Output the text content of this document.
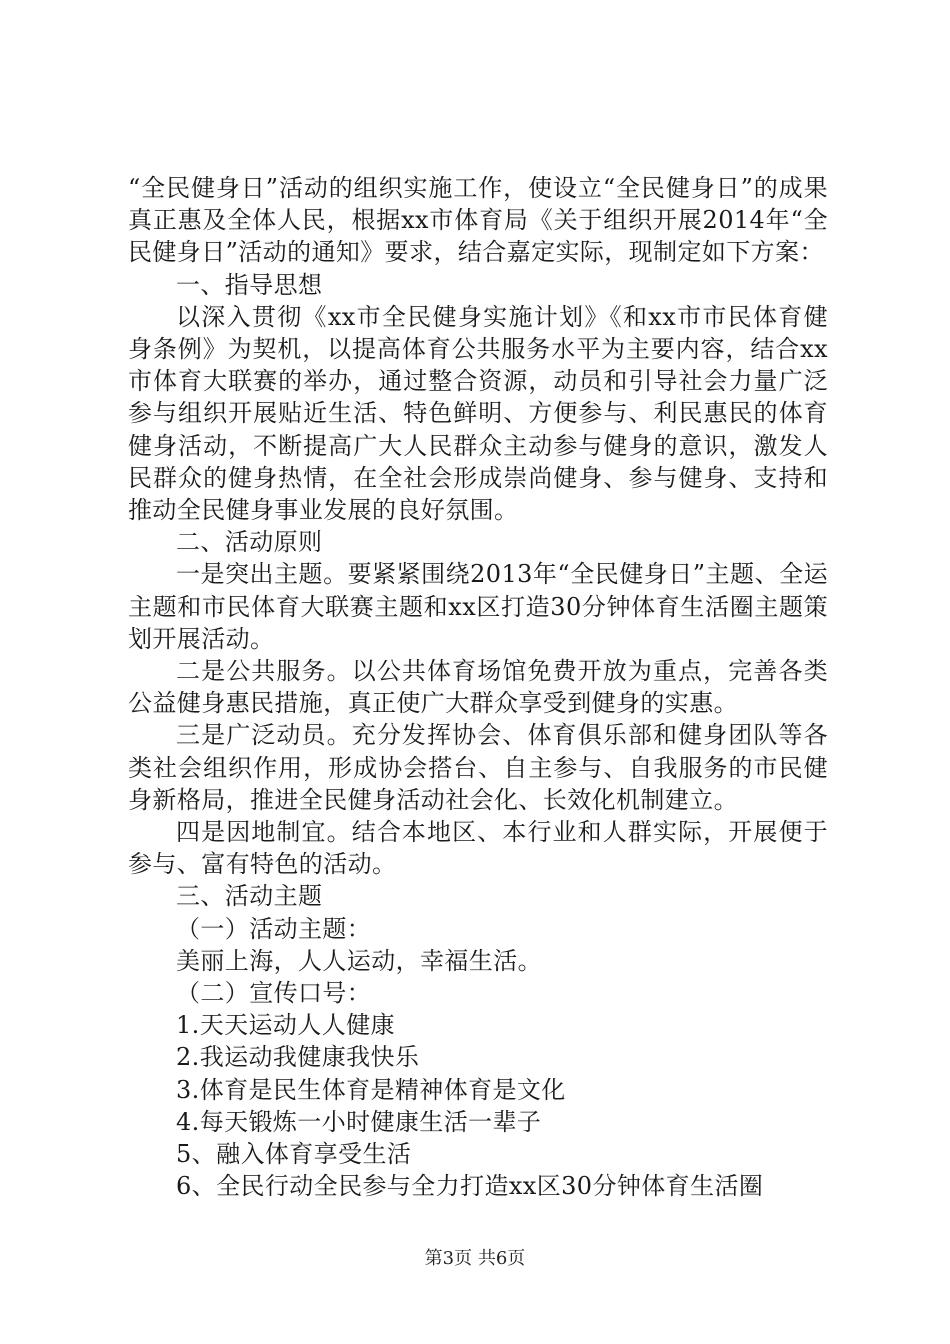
“全民健身日”活动的组织实施工作，使设立“全民健身日”的成果真正惠及全体人民，根据xx市体育局《关于组织开展2014年“全民健身日”活动的通知》要求，结合嘉定实际，现制定如下方案：

一、指导思想

以深入贯彻《xx市全民健身实施计划》《和xx市市民体育健身条例》为契机，以提高体育公共服务水平为主要内容，结合xx市体育大联赛的举办，通过整合资源，动员和引导社会力量广泛参与组织开展贴近生活、特色鲜明、方便参与、利民惠民的体育健身活动，不断提高广大人民群众主动参与健身的意识，激发人民群众的健身热情，在全社会形成崇尚健身、参与健身、支持和推动全民健身事业发展的良好氛围。

二、活动原则

一是突出主题。要紧紧围绕2013年“全民健身日”主题、全运主题和市民体育大联赛主题和xx区打造30分钟体育生活圈主题策划开展活动。

二是公共服务。以公共体育场馆免费开放为重点，完善各类公益健身惠民措施，真正使广大群众享受到健身的实惠。

三是广泛动员。充分发挥协会、体育俱乐部和健身团队等各类社会组织作用，形成协会搭台、自主参与、自我服务的市民健身新格局，推进全民健身活动社会化、长效化机制建立。

四是因地制宜。结合本地区、本行业和人群实际，开展便于参与、富有特色的活动。

三、活动主题

（一）活动主题：

美丽上海，人人运动，幸福生活。

（二）宣传口号：

1.天天运动人人健康

2.我运动我健康我快乐

3.体育是民生体育是精神体育是文化

4.每天锻炼一小时健康生活一辈子

5、融入体育享受生活

6、全民行动全民参与全力打造xx区30分钟体育生活圈

第3页 共6页
